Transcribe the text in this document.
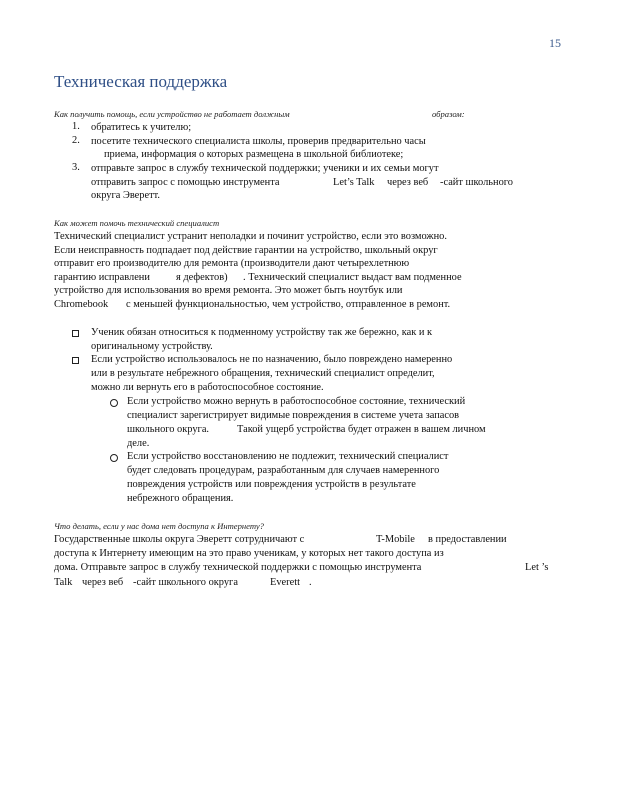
15
Техническая поддержка
Как получить помощь, если устройство не работает должным	образом:
1. обратитесь к учителю;
2. посетите технического специалиста школы, проверив предварительно часы
приема, информация о которых размещена в школьной библиотеке;
3. отправьте запрос в службу технической поддержки; ученики и их семьи могут
отправить запрос с помощью инструмента	Let’s Talk через веб -сайт школьного
округа Эверетт.
Как может помочь технический специалист
Технический специалист устранит неполадки и починит устройство, если это возможно.
Если неисправность подпадает под действие гарантии на устройство, школьный округ
отправит его производителю для ремонта (производители дают четырехлетнюю
гарантию исправлени	я дефектов) . Технический специалист выдаст вам подменное
устройство для использования во время ремонта. Это может быть ноутбук или
Chromebook с меньшей функциональностью, чем устройство, отправленное в ремонт.
Ученик обязан относиться к подменному устройству так же бережно, как и к
оригинальному устройству.
Если устройство использовалось не по назначению, было повреждено намеренно
или в результате небрежного обращения, технический специалист определит,
можно ли вернуть его в работоспособное состояние.
Если устройство можно вернуть в работоспособное состояние, технический
специалист зарегистрирует видимые повреждения в системе учета запасов
школьного округа.	Такой ущерб устройства будет отражен в вашем личном
деле.
Если устройство восстановлению не подлежит, технический специалист
будет следовать процедурам, разработанным для случаев намеренного
повреждения устройств или повреждения устройств в результате
небрежного обращения.
Что делать, если у нас дома нет доступа к Интернету?
Государственные школы округа Эверетт сотрудничают с	T-Mobile в предоставлении
доступа к Интернету имеющим на это право ученикам, у которых нет такого доступа из
дома. Отправьте запрос в службу технической поддержки с помощью инструмента	Let ’s
Talk через веб -сайт школьного округа	Everett .
